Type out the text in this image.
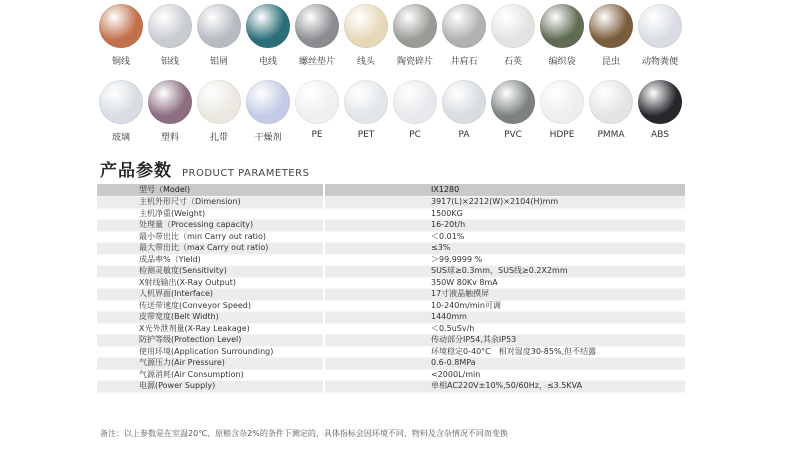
铜线	铝线	铝屑	电线	螺丝垫片	线头	陶瓷碎片	井肩石	石英	编织袋	昆虫	动物粪便
玻璃	塑料	扎带	干燥剂	PE	PET	PC	PA	PVC	HDPE	PMMA	ABS
产品参数 PRODUCT PARAMETERS
型号（Model)	IX1280
主机外形尺寸（Dimension)	3917(L)×2212(W)×2104(H)mm
主机净重(Weight)	1500KG
处理量（Processing capacity)	16-20t/h
最小带出比（min Carry out ratio)	＜0.01%
最大带出比（max Carry out ratio)	≤3%
成品率%（Yield)	＞99.9999 %
检测灵敏度(Sensitivity)	SUS球≥0.3mm，SUS线≥0.2X2mm
X射线输出(X-Ray Output)	350W 80Kv 8mA
人机界面(Interface)	17寸液晶触摸屏
传送带速度(Conveyor Speed)	10-240m/min可调
皮带宽度(Belt Width)	1440mm
X光外泄剂量(X-Ray Leakage)	＜0.5uSv/h
防护等级(Protection Level)	传动部分IP54,其余IP53
使用环境(Application Surrounding)	环境稳定0-40°C　相对湿度30-85%,但不结露
气源压力(Air Pressure)	0.6-0.8MPa
气源消耗(Air Consumption)	<2000L/min
电源(Power Supply)	单相AC220V±10%,50/60Hz，≤3.5KVA
备注：以上参数是在室温20℃、原粮含杂2%的条件下测定的，具体指标会因环境不同、物料及含杂情况不同而变换
